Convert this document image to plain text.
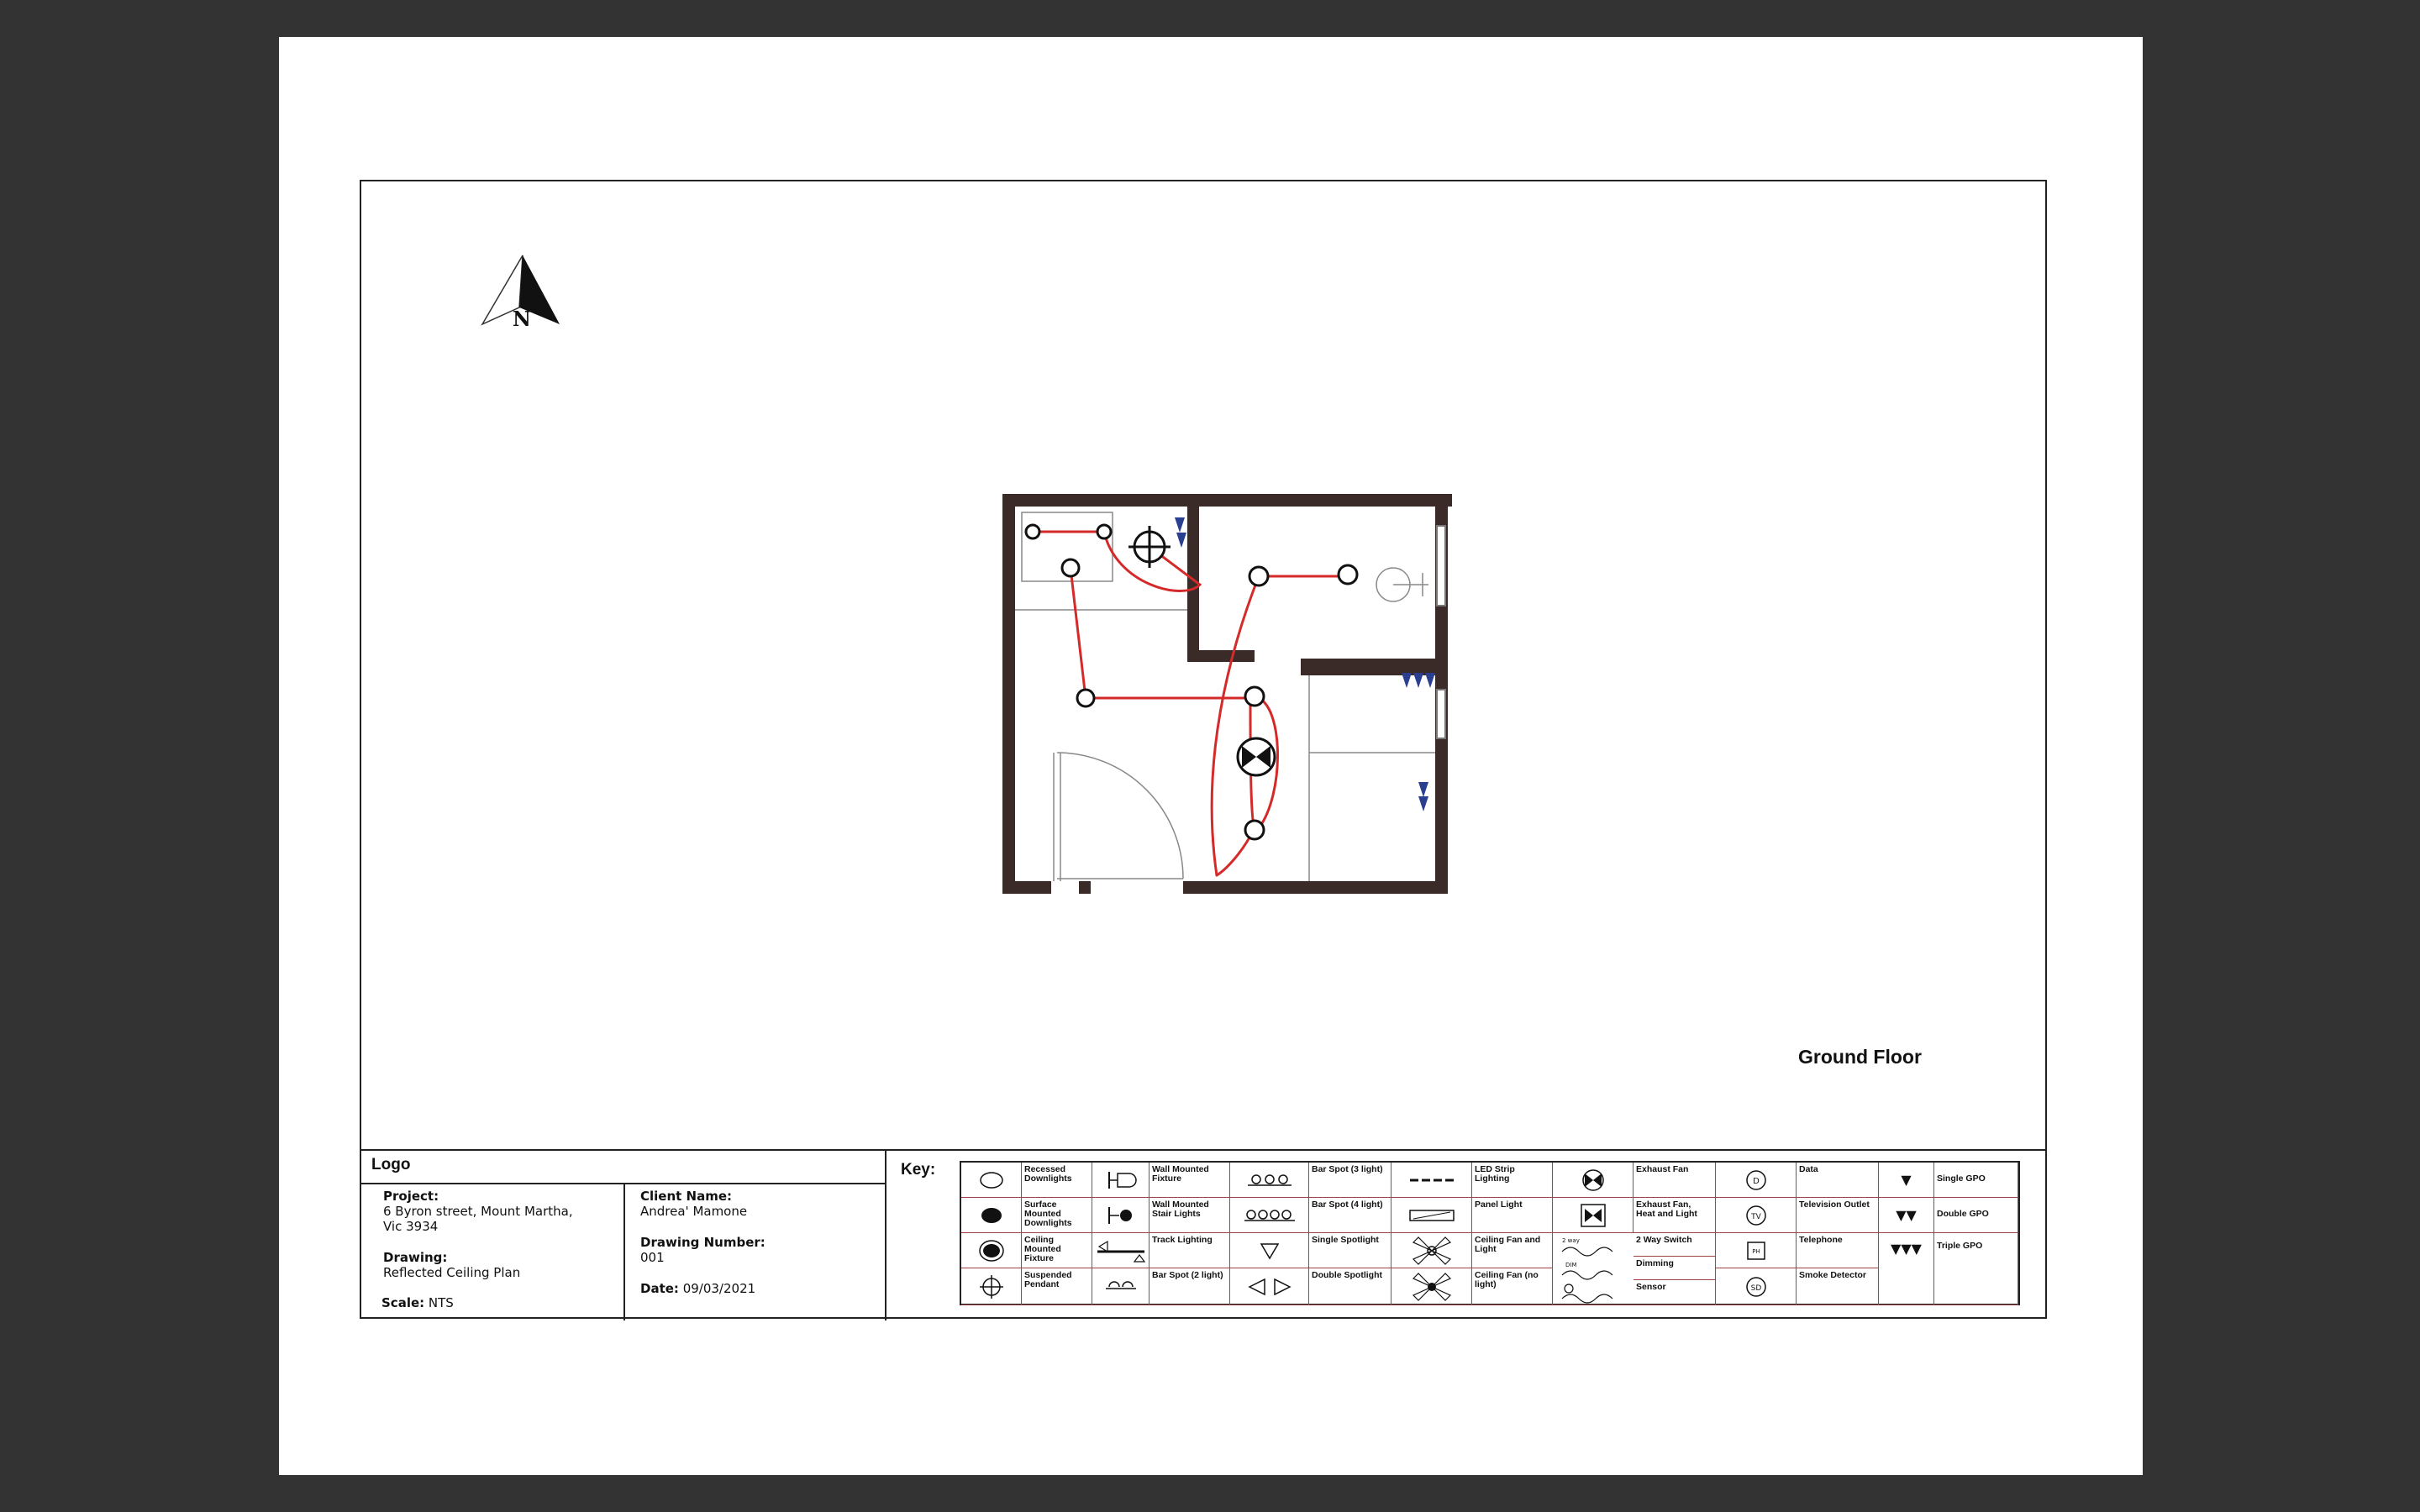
N
Ground Floor
Logo
Project:
6 Byron street, Mount Martha,
Vic 3934
Drawing:
Reflected Ceiling Plan
Scale: NTS
Client Name:
Andrea' Mamone
Drawing Number:
001
Date: 09/03/2021
Key:	Recessed Downlights
Surface Mounted Downlights
Ceiling Mounted Fixture
Suspended Pendant
Wall Mounted Fixture
Wall Mounted Stair Lights
Track Lighting
Bar Spot (2 light)
Bar Spot (3 light)
Bar Spot (4 light)
Single Spotlight
Double Spotlight
LED Strip Lighting
Panel Light
Ceiling Fan and Light
Ceiling Fan (no light)
Exhaust Fan
Exhaust Fan, Heat and Light
2 way
DIM
2 Way Switch
Dimming
Sensor
D
Data
TV
Television Outlet
PH
Telephone
SD
Smoke Detector
▼	Single GPO
▼▼ Double GPO
▼▼▼ Triple GPO
